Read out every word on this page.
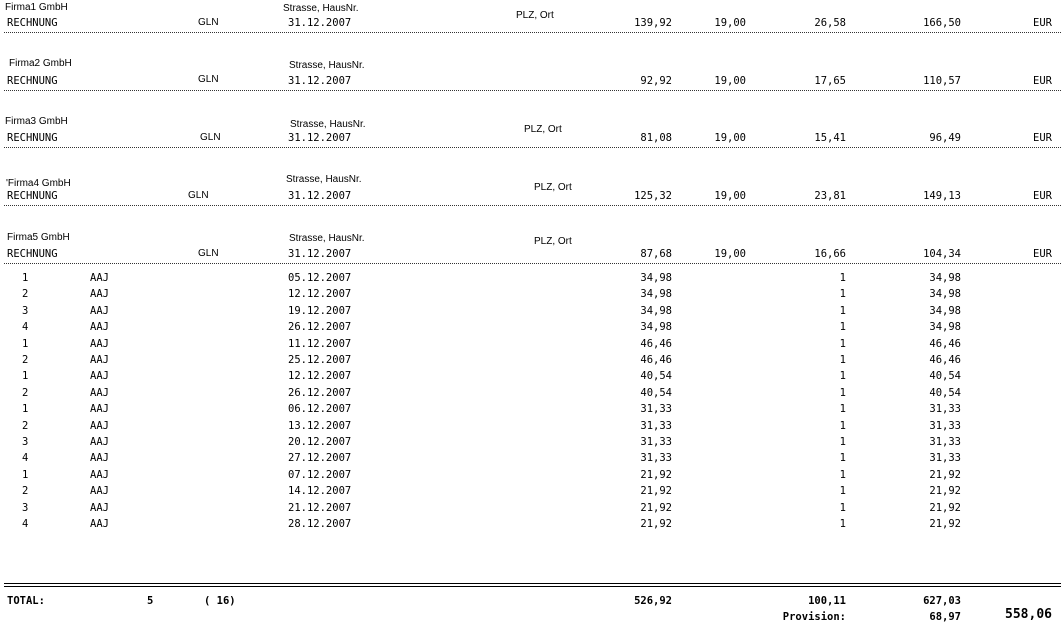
Firma1 GmbH	Strasse, HausNr.
PLZ, Ort
RECHNUNG	GLN	31.12.2007	139,92	19,00	26,58	166,50	EUR
Firma2 GmbH	Strasse, HausNr.
RECHNUNG	GLN	31.12.2007	92,92	19,00	17,65	110,57	EUR
Firma3 GmbH	Strasse, HausNr.	PLZ, Ort
RECHNUNG	GLN	31.12.2007	81,08	19,00	15,41	96,49	EUR
'Firma4 GmbH	Strasse, HausNr.
PLZ, Ort
RECHNUNG	GLN	31.12.2007	125,32	19,00	23,81	149,13	EUR
Firma5 GmbH	Strasse, HausNr.	PLZ, Ort
RECHNUNG	GLN	31.12.2007	87,68	19,00	16,66	104,34	EUR
1	AAJ	05.12.2007	34,98	1	34,98
2	AAJ	12.12.2007	34,98	1	34,98
3	AAJ	19.12.2007	34,98	1	34,98
4	AAJ	26.12.2007	34,98	1	34,98
1	AAJ	11.12.2007	46,46	1	46,46
2	AAJ	25.12.2007	46,46	1	46,46
1	AAJ	12.12.2007	40,54	1	40,54
2	AAJ	26.12.2007	40,54	1	40,54
1	AAJ	06.12.2007	31,33	1	31,33
2	AAJ	13.12.2007	31,33	1	31,33
3	AAJ	20.12.2007	31,33	1	31,33
4	AAJ	27.12.2007	31,33	1	31,33
1	AAJ	07.12.2007	21,92	1	21,92
2	AAJ	14.12.2007	21,92	1	21,92
3	AAJ	21.12.2007	21,92	1	21,92
4	AAJ	28.12.2007	21,92	1	21,92
TOTAL:	5	( 16)	526,92	100,11	627,03
Provision:	68,97	558,06
